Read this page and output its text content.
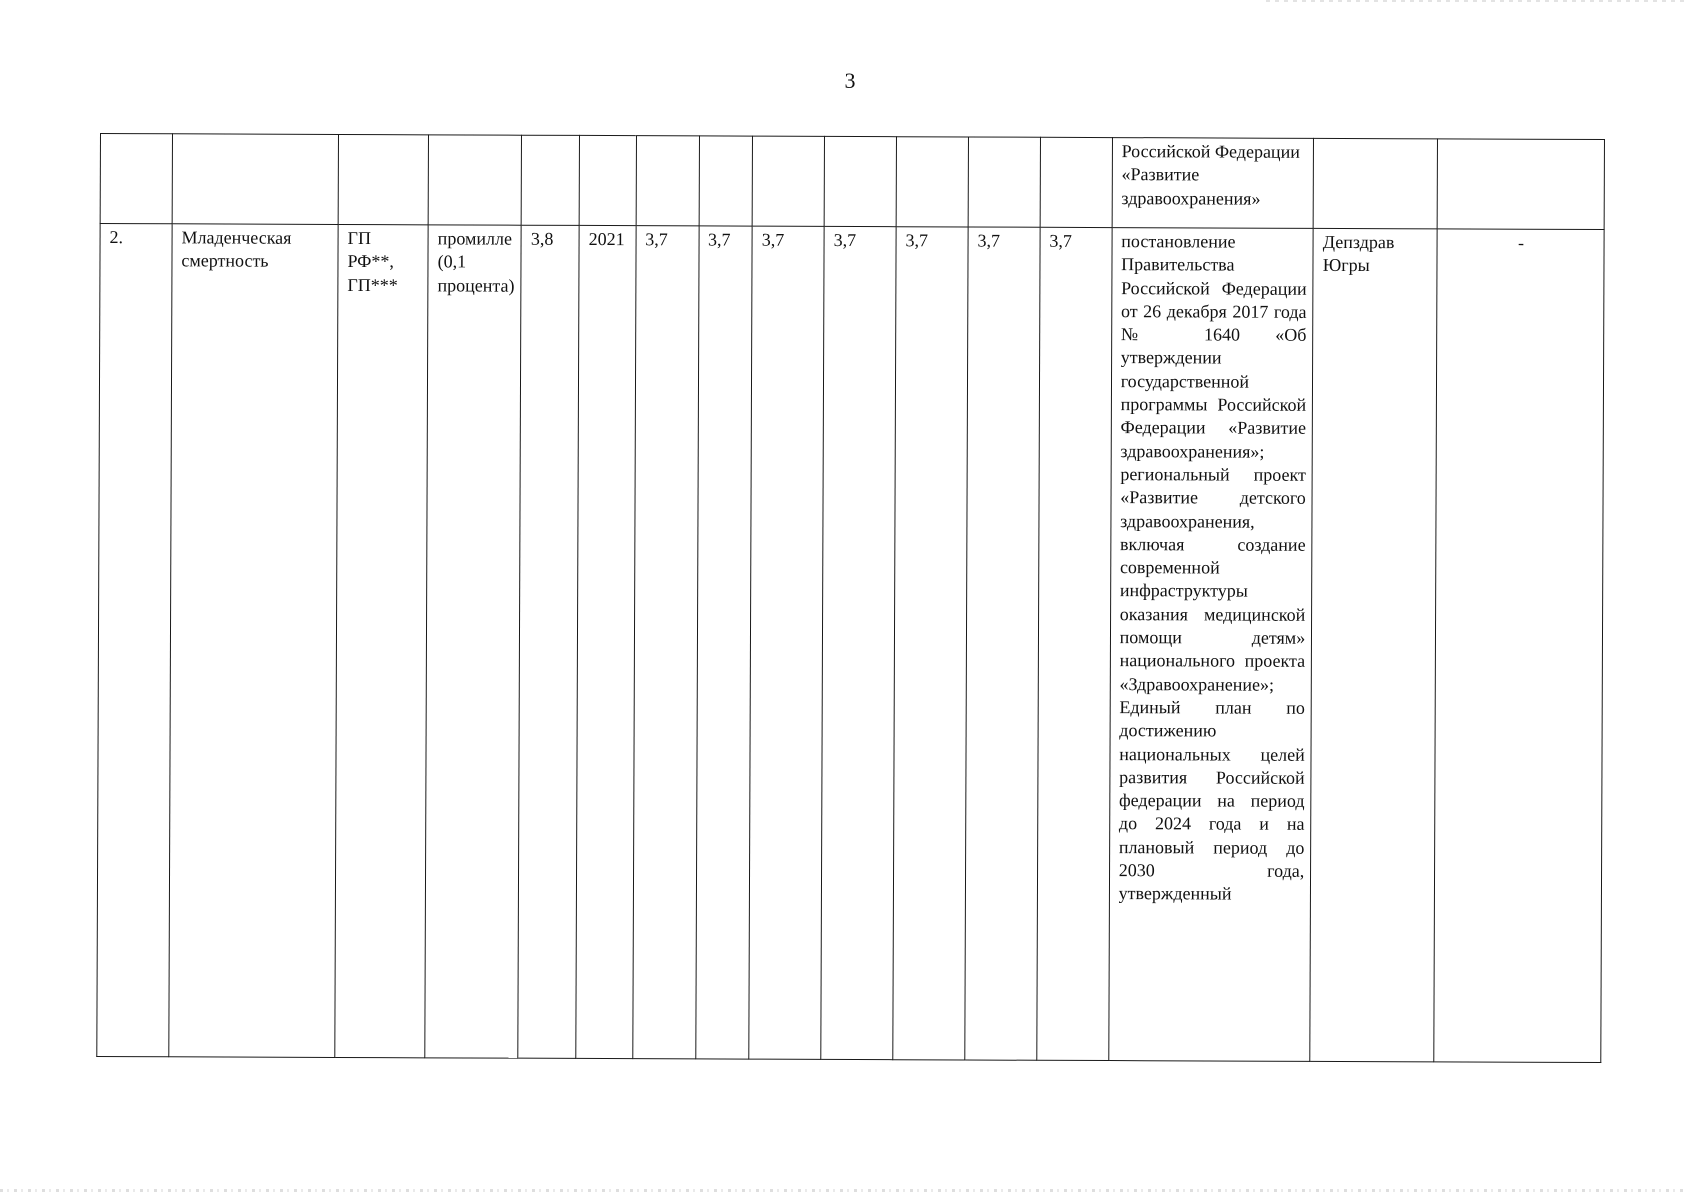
3
													Российской Федерации «Развитие здравоохранения»		
2.	Младенческая смертность	ГП РФ**, ГП***	промилле (0,1 процента)	3,8	2021	3,7	3,7	3,7	3,7	3,7	3,7	3,7	постановление Правительства Российской Федерации от 26 декабря 2017 года № 1640 «Об утверждении государственной программы Российской Федерации «Развитие здравоохранения»; региональный проект «Развитие детского здравоохранения, включая создание современной инфраструктуры оказания медицинской помощи детям» национального проекта «Здравоохранение»; Единый план по достижению национальных целей развития Российской федерации на период до 2024 года и на плановый период до 2030 года, утвержденный	Депздрав Югры	-
